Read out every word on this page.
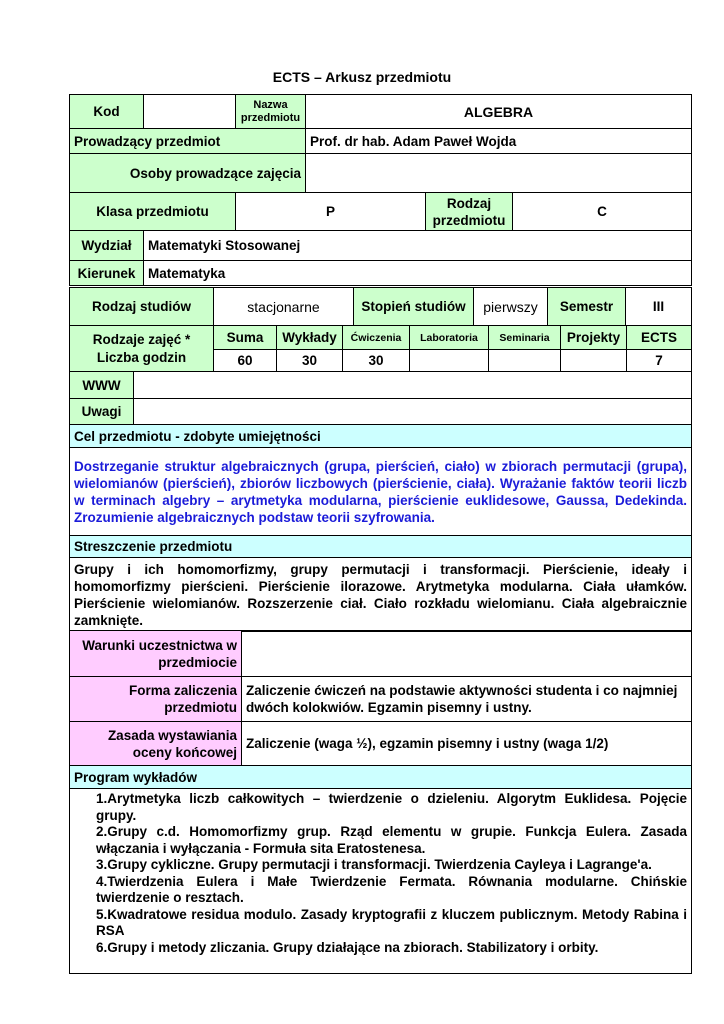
ECTS – Arkusz przedmiotu
Kod		Nazwa przedmiotu	ALGEBRA		
Prowadzący przedmiot			Prof. dr hab. Adam Paweł Wojda		
Osoby prowadzące zajęcia					
Klasa przedmiotu		P		Rodzaj przedmiotu	C
Wydział	Matematyki Stosowanej				
Kierunek	Matematyka				
Rodzaj studiów	stacjonarne	Stopień studiów	pierwszy	Semestr	III
Rodzaje zajęć *
Liczba godzin	Suma	Wykłady	Ćwiczenia	Laboratoria	Seminaria	Projekty	ECTS
	60	30	30				7
WWW	
Uwagi	
Cel przedmiotu - zdobyte umiejętności	
Dostrzeganie struktur algebraicznych (grupa, pierścień, ciało) w zbiorach permutacji (grupa), wielomianów (pierścień), zbiorów liczbowych (pierścienie, ciała). Wyrażanie faktów teorii liczb w terminach algebry – arytmetyka modularna, pierścienie euklidesowe, Gaussa, Dedekinda. Zrozumienie algebraicznych podstaw teorii szyfrowania.	
Streszczenie przedmiotu	
Grupy i ich homomorfizmy, grupy permutacji i transformacji. Pierścienie, ideały i homomorfizmy pierścieni. Pierścienie ilorazowe. Arytmetyka modularna. Ciała ułamków. Pierścienie wielomianów. Rozszerzenie ciał. Ciało rozkładu wielomianu. Ciała algebraicznie zamknięte.	
Warunki uczestnictwa w przedmiocie	
Forma zaliczenia przedmiotu	Zaliczenie ćwiczeń na podstawie aktywności studenta i co najmniej dwóch kolokwiów. Egzamin pisemny i ustny.
Zasada wystawiania oceny końcowej	Zaliczenie (waga ½), egzamin pisemny i ustny (waga 1/2)
Program wykładów

1.Arytmetyka liczb całkowitych – twierdzenie o dzieleniu. Algorytm Euklidesa. Pojęcie grupy.
2.Grupy c.d. Homomorfizmy grup. Rząd elementu w grupie. Funkcja Eulera. Zasada włączania i wyłączania - Formuła sita Eratostenesa.
3.Grupy cykliczne. Grupy permutacji i transformacji. Twierdzenia Cayleya i Lagrange'a.
4.Twierdzenia Eulera i Małe Twierdzenie Fermata. Równania modularne. Chińskie twierdzenie o resztach.
5.Kwadratowe residua modulo. Zasady kryptografii z kluczem publicznym. Metody Rabina i RSA
6.Grupy i metody zliczania. Grupy działające na zbiorach. Stabilizatory i orbity.
